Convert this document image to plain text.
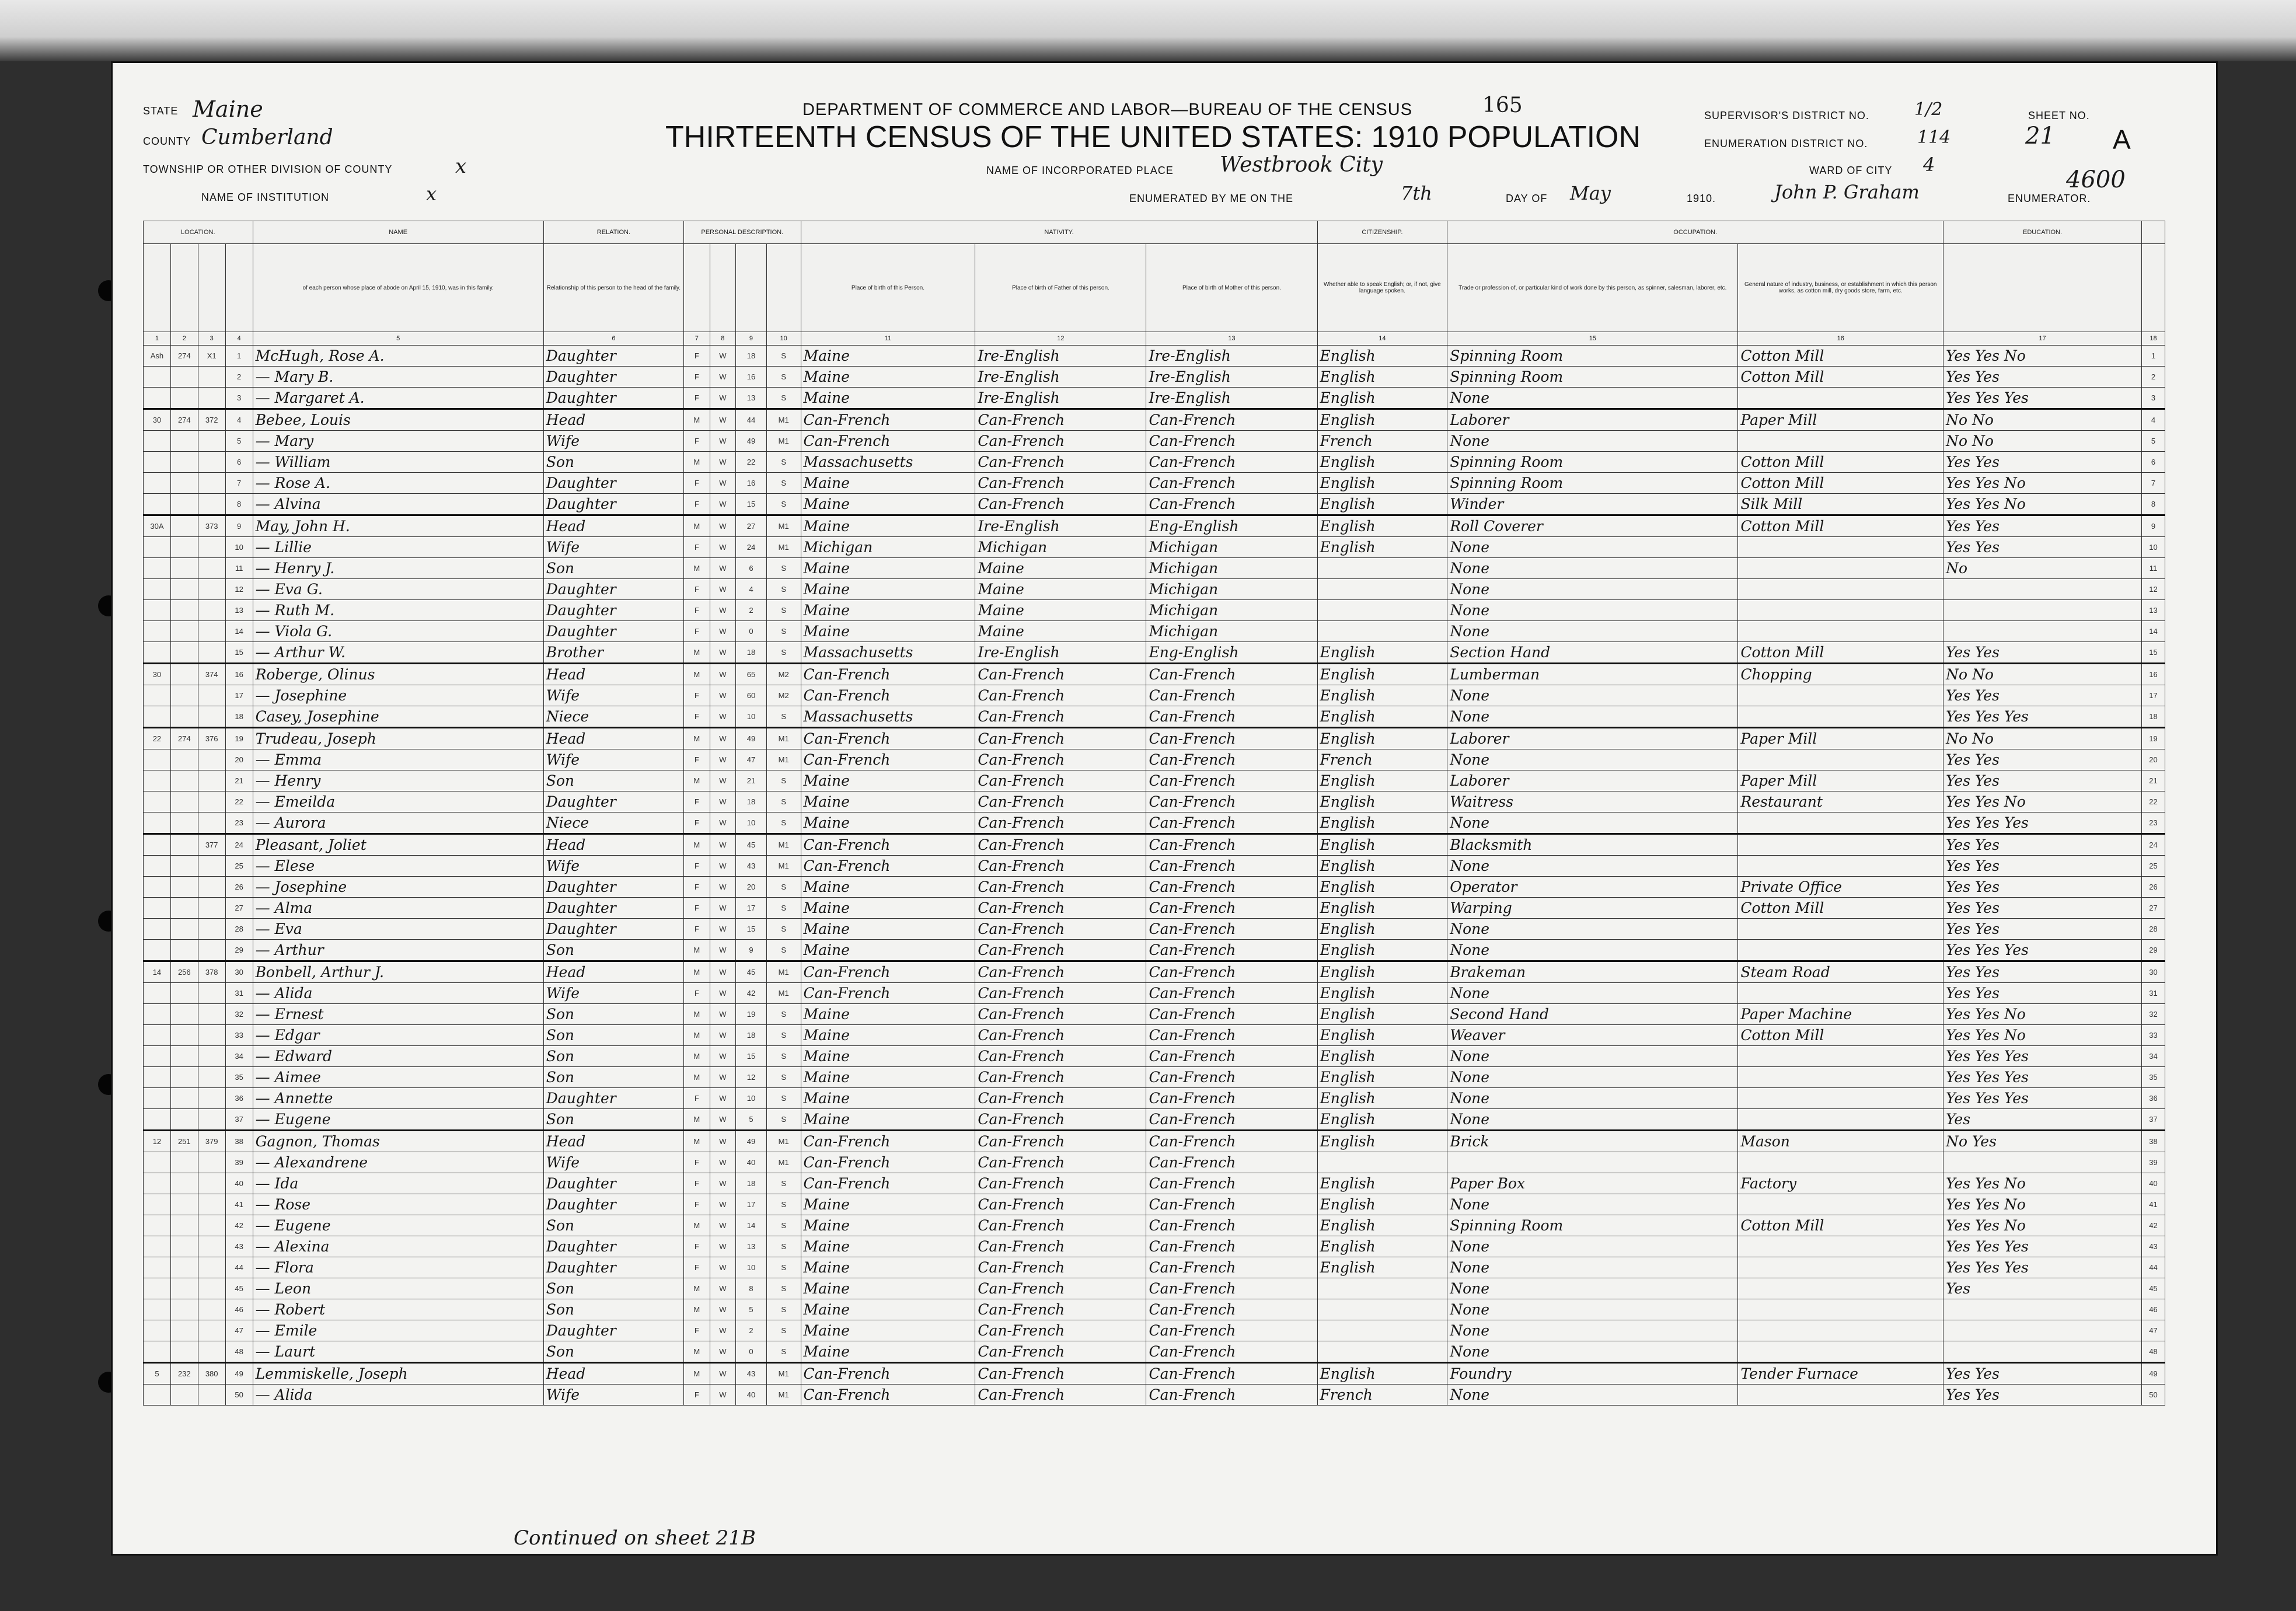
STATE Maine
COUNTY Cumberland
TOWNSHIP OR OTHER DIVISION OF COUNTY	x
NAME OF INSTITUTION	x
DEPARTMENT OF COMMERCE AND LABOR—BUREAU OF THE CENSUS
THIRTEENTH CENSUS OF THE UNITED STATES: 1910 POPULATION
165
NAME OF INCORPORATED PLACE Westbrook City
ENUMERATED BY ME ON THE	7th	DAY OF May	1910.	John P. Graham	ENUMERATOR.
SUPERVISOR'S DISTRICT NO.	1/2
ENUMERATION DISTRICT NO.	114
WARD OF CITY 4
SHEET NO.
21 A
4600
LOCATION.				NAME	RELATION.	PERSONAL DESCRIPTION.				NATIVITY.			CITIZENSHIP.	OCCUPATION.		EDUCATION.	
				of each person whose place of abode on April 15, 1910, was in this family.	Relationship of this person to the head of the family.					Place of birth of this Person.	Place of birth of Father of this person.	Place of birth of Mother of this person.	Whether able to speak English; or, if not, give language spoken.	Trade or profession of, or particular kind of work done by this person, as spinner, salesman, laborer, etc.	General nature of industry, business, or establishment in which this person works, as cotton mill, dry goods store, farm, etc.		
1	2	3	4	5	6	7	8	9	10	11	12	13	14	15	16	17	18
Ash	274	X1	1	McHugh, Rose A.	Daughter	F	W	18	S	Maine	Ire-English	Ire-English	English	Spinning Room	Cotton Mill	Yes Yes No	1
			2	— Mary B.	Daughter	F	W	16	S	Maine	Ire-English	Ire-English	English	Spinning Room	Cotton Mill	Yes Yes	2
			3	— Margaret A.	Daughter	F	W	13	S	Maine	Ire-English	Ire-English	English	None		Yes Yes Yes	3
30	274	372	4	Bebee, Louis	Head	M	W	44	M1	Can-French	Can-French	Can-French	English	Laborer	Paper Mill	No No	4
			5	— Mary	Wife	F	W	49	M1	Can-French	Can-French	Can-French	French	None		No No	5
			6	— William	Son	M	W	22	S	Massachusetts	Can-French	Can-French	English	Spinning Room	Cotton Mill	Yes Yes	6
			7	— Rose A.	Daughter	F	W	16	S	Maine	Can-French	Can-French	English	Spinning Room	Cotton Mill	Yes Yes No	7
			8	— Alvina	Daughter	F	W	15	S	Maine	Can-French	Can-French	English	Winder	Silk Mill	Yes Yes No	8
30A		373	9	May, John H.	Head	M	W	27	M1	Maine	Ire-English	Eng-English	English	Roll Coverer	Cotton Mill	Yes Yes	9
			10	— Lillie	Wife	F	W	24	M1	Michigan	Michigan	Michigan	English	None		Yes Yes	10
			11	— Henry J.	Son	M	W	6	S	Maine	Maine	Michigan		None		No	11
			12	— Eva G.	Daughter	F	W	4	S	Maine	Maine	Michigan		None			12
			13	— Ruth M.	Daughter	F	W	2	S	Maine	Maine	Michigan		None			13
			14	— Viola G.	Daughter	F	W	0	S	Maine	Maine	Michigan		None			14
			15	— Arthur W.	Brother	M	W	18	S	Massachusetts	Ire-English	Eng-English	English	Section Hand	Cotton Mill	Yes Yes	15
30		374	16	Roberge, Olinus	Head	M	W	65	M2	Can-French	Can-French	Can-French	English	Lumberman	Chopping	No No	16
			17	— Josephine	Wife	F	W	60	M2	Can-French	Can-French	Can-French	English	None		Yes Yes	17
			18	Casey, Josephine	Niece	F	W	10	S	Massachusetts	Can-French	Can-French	English	None		Yes Yes Yes	18
22	274	376	19	Trudeau, Joseph	Head	M	W	49	M1	Can-French	Can-French	Can-French	English	Laborer	Paper Mill	No No	19
			20	— Emma	Wife	F	W	47	M1	Can-French	Can-French	Can-French	French	None		Yes Yes	20
			21	— Henry	Son	M	W	21	S	Maine	Can-French	Can-French	English	Laborer	Paper Mill	Yes Yes	21
			22	— Emeilda	Daughter	F	W	18	S	Maine	Can-French	Can-French	English	Waitress	Restaurant	Yes Yes No	22
			23	— Aurora	Niece	F	W	10	S	Maine	Can-French	Can-French	English	None		Yes Yes Yes	23
		377	24	Pleasant, Joliet	Head	M	W	45	M1	Can-French	Can-French	Can-French	English	Blacksmith		Yes Yes	24
			25	— Elese	Wife	F	W	43	M1	Can-French	Can-French	Can-French	English	None		Yes Yes	25
			26	— Josephine	Daughter	F	W	20	S	Maine	Can-French	Can-French	English	Operator	Private Office	Yes Yes	26
			27	— Alma	Daughter	F	W	17	S	Maine	Can-French	Can-French	English	Warping	Cotton Mill	Yes Yes	27
			28	— Eva	Daughter	F	W	15	S	Maine	Can-French	Can-French	English	None		Yes Yes	28
			29	— Arthur	Son	M	W	9	S	Maine	Can-French	Can-French	English	None		Yes Yes Yes	29
14	256	378	30	Bonbell, Arthur J.	Head	M	W	45	M1	Can-French	Can-French	Can-French	English	Brakeman	Steam Road	Yes Yes	30
			31	— Alida	Wife	F	W	42	M1	Can-French	Can-French	Can-French	English	None		Yes Yes	31
			32	— Ernest	Son	M	W	19	S	Maine	Can-French	Can-French	English	Second Hand	Paper Machine	Yes Yes No	32
			33	— Edgar	Son	M	W	18	S	Maine	Can-French	Can-French	English	Weaver	Cotton Mill	Yes Yes No	33
			34	— Edward	Son	M	W	15	S	Maine	Can-French	Can-French	English	None		Yes Yes Yes	34
			35	— Aimee	Son	M	W	12	S	Maine	Can-French	Can-French	English	None		Yes Yes Yes	35
			36	— Annette	Daughter	F	W	10	S	Maine	Can-French	Can-French	English	None		Yes Yes Yes	36
			37	— Eugene	Son	M	W	5	S	Maine	Can-French	Can-French	English	None		Yes	37
12	251	379	38	Gagnon, Thomas	Head	M	W	49	M1	Can-French	Can-French	Can-French	English	Brick	Mason	No Yes	38
			39	— Alexandrene	Wife	F	W	40	M1	Can-French	Can-French	Can-French					39
			40	— Ida	Daughter	F	W	18	S	Can-French	Can-French	Can-French	English	Paper Box	Factory	Yes Yes No	40
			41	— Rose	Daughter	F	W	17	S	Maine	Can-French	Can-French	English	None		Yes Yes No	41
			42	— Eugene	Son	M	W	14	S	Maine	Can-French	Can-French	English	Spinning Room	Cotton Mill	Yes Yes No	42
			43	— Alexina	Daughter	F	W	13	S	Maine	Can-French	Can-French	English	None		Yes Yes Yes	43
			44	— Flora	Daughter	F	W	10	S	Maine	Can-French	Can-French	English	None		Yes Yes Yes	44
			45	— Leon	Son	M	W	8	S	Maine	Can-French	Can-French		None		Yes	45
			46	— Robert	Son	M	W	5	S	Maine	Can-French	Can-French		None			46
			47	— Emile	Daughter	F	W	2	S	Maine	Can-French	Can-French		None			47
			48	— Laurt	Son	M	W	0	S	Maine	Can-French	Can-French		None			48
5	232	380	49	Lemmiskelle, Joseph	Head	M	W	43	M1	Can-French	Can-French	Can-French	English	Foundry	Tender Furnace	Yes Yes	49
			50	— Alida	Wife	F	W	40	M1	Can-French	Can-French	Can-French	French	None		Yes Yes	50
Continued on sheet 21B
